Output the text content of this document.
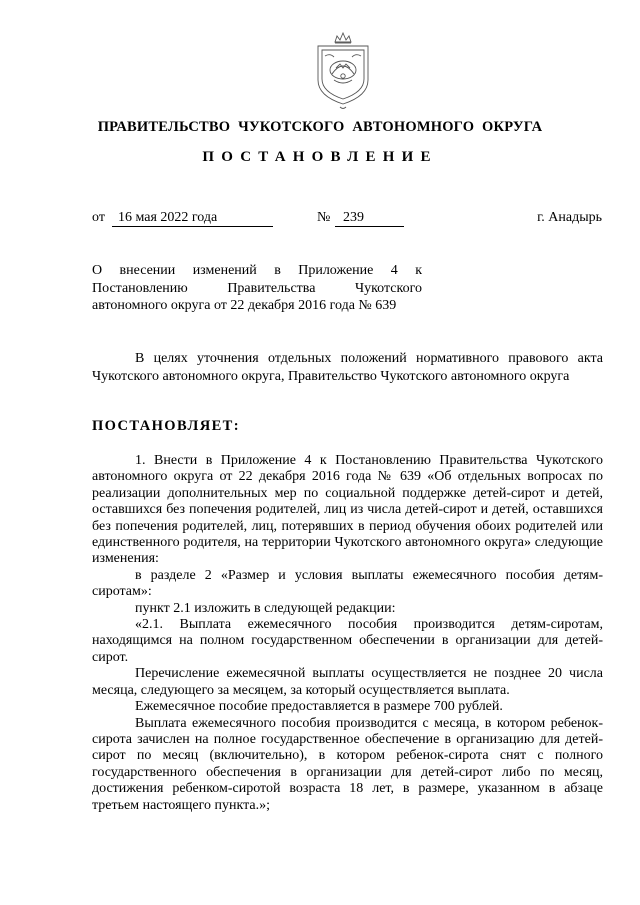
ПРАВИТЕЛЬСТВО ЧУКОТСКОГО АВТОНОМНОГО ОКРУГА
ПОСТАНОВЛЕНИЕ
от 16 мая 2022 года	№ 239	г. Анадырь
О внесении изменений в Приложение 4 к
Постановлению Правительства Чукотского
автономного округа от 22 декабря 2016 года № 639
В целях уточнения отдельных положений нормативного правового акта Чукотского автономного округа, Правительство Чукотского автономного округа
ПОСТАНОВЛЯЕТ:

1. Внести в Приложение 4 к Постановлению Правительства Чукотского автономного округа от 22 декабря 2016 года № 639 «Об отдельных вопросах по реализации дополнительных мер по социальной поддержке детей-сирот и детей, оставшихся без попечения родителей, лиц из числа детей-сирот и детей, оставшихся без попечения родителей, лиц, потерявших в период обучения обоих родителей или единственного родителя, на территории Чукотского автономного округа» следующие изменения:

в разделе 2 «Размер и условия выплаты ежемесячного пособия детям-сиротам»:

пункт 2.1 изложить в следующей редакции:

«2.1. Выплата ежемесячного пособия производится детям-сиротам, находящимся на полном государственном обеспечении в организации для детей-сирот.

Перечисление ежемесячной выплаты осуществляется не позднее 20 числа месяца, следующего за месяцем, за который осуществляется выплата.

Ежемесячное пособие предоставляется в размере 700 рублей.

Выплата ежемесячного пособия производится с месяца, в котором ребенок-сирота зачислен на полное государственное обеспечение в организацию для детей-сирот по месяц (включительно), в котором ребенок-сирота снят с полного государственного обеспечения в организации для детей-сирот либо по месяц, достижения ребенком-сиротой возраста 18 лет, в размере, указанном в абзаце третьем настоящего пункта.»;
